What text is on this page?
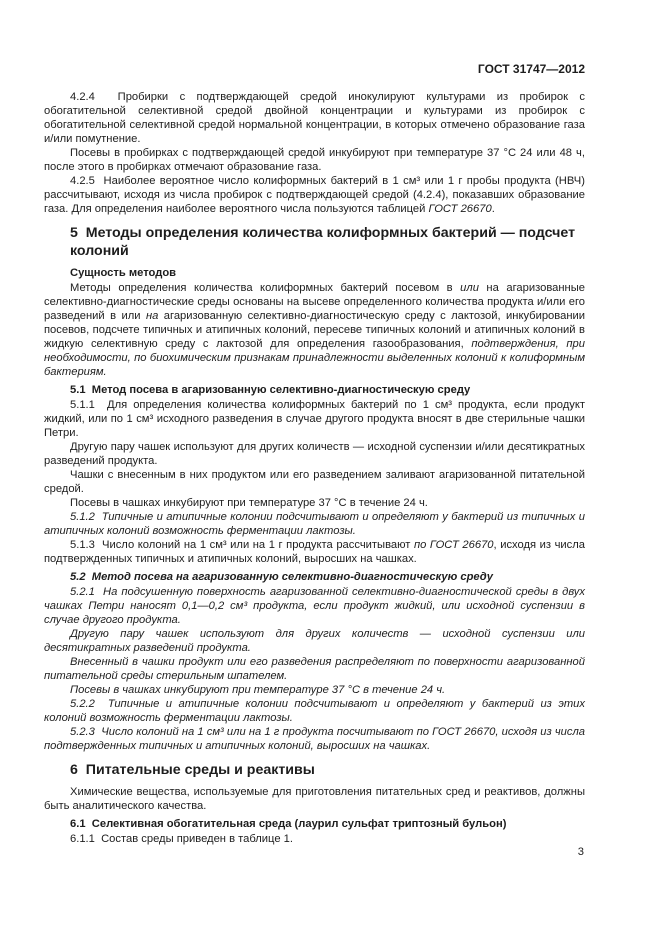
ГОСТ 31747—2012
4.2.4  Пробирки с подтверждающей средой инокулируют культурами из пробирок с обогатительной селективной средой двойной концентрации и культурами из пробирок с обогатительной селективной средой нормальной концентрации, в которых отмечено образование газа и/или помутнение.
Посевы в пробирках с подтверждающей средой инкубируют при температуре 37 °C 24 или 48 ч, после этого в пробирках отмечают образование газа.
4.2.5  Наиболее вероятное число колиформных бактерий в 1 см³ или 1 г пробы продукта (НВЧ) рассчитывают, исходя из числа пробирок с подтверждающей средой (4.2.4), показавших образование газа. Для определения наиболее вероятного числа пользуются таблицей ГОСТ 26670.
5  Методы определения количества колиформных бактерий — подсчет колоний
Сущность методов
Методы определения количества колиформных бактерий посевом в или на агаризованные селективно-диагностические среды основаны на высеве определенного количества продукта и/или его разведений в или на агаризованную селективно-диагностическую среду с лактозой, инкубировании посевов, подсчете типичных и атипичных колоний, пересеве типичных колоний и атипичных колоний в жидкую селективную среду с лактозой для определения газообразования, подтверждения, при необходимости, по биохимическим признакам принадлежности выделенных колоний к колиформным бактериям.
5.1  Метод посева в агаризованную селективно-диагностическую среду
5.1.1  Для определения количества колиформных бактерий по 1 см³ продукта, если продукт жидкий, или по 1 см³ исходного разведения в случае другого продукта вносят в две стерильные чашки Петри.
Другую пару чашек используют для других количеств — исходной суспензии и/или десятикратных разведений продукта.
Чашки с внесенным в них продуктом или его разведением заливают агаризованной питательной средой.
Посевы в чашках инкубируют при температуре 37 °C в течение 24 ч.
5.1.2  Типичные и атипичные колонии подсчитывают и определяют у бактерий из типичных и атипичных колоний возможность ферментации лактозы.
5.1.3  Число колоний на 1 см³ или на 1 г продукта рассчитывают по ГОСТ 26670, исходя из числа подтвержденных типичных и атипичных колоний, выросших на чашках.
5.2  Метод посева на агаризованную селективно-диагностическую среду
5.2.1  На подсушенную поверхность агаризованной селективно-диагностической среды в двух чашках Петри наносят 0,1—0,2 см³ продукта, если продукт жидкий, или исходной суспензии в случае другого продукта.
Другую пару чашек используют для других количеств — исходной суспензии или десятикратных разведений продукта.
Внесенный в чашки продукт или его разведения распределяют по поверхности агаризованной питательной среды стерильным шпателем.
Посевы в чашках инкубируют при температуре 37 °C в течение 24 ч.
5.2.2  Типичные и атипичные колонии подсчитывают и определяют у бактерий из этих колоний возможность ферментации лактозы.
5.2.3  Число колоний на 1 см³ или на 1 г продукта посчитывают по ГОСТ 26670, исходя из числа подтвержденных типичных и атипичных колоний, выросших на чашках.
6  Питательные среды и реактивы
Химические вещества, используемые для приготовления питательных сред и реактивов, должны быть аналитического качества.
6.1  Селективная обогатительная среда (лаурил сульфат триптозный бульон)
6.1.1  Состав среды приведен в таблице 1.
3
